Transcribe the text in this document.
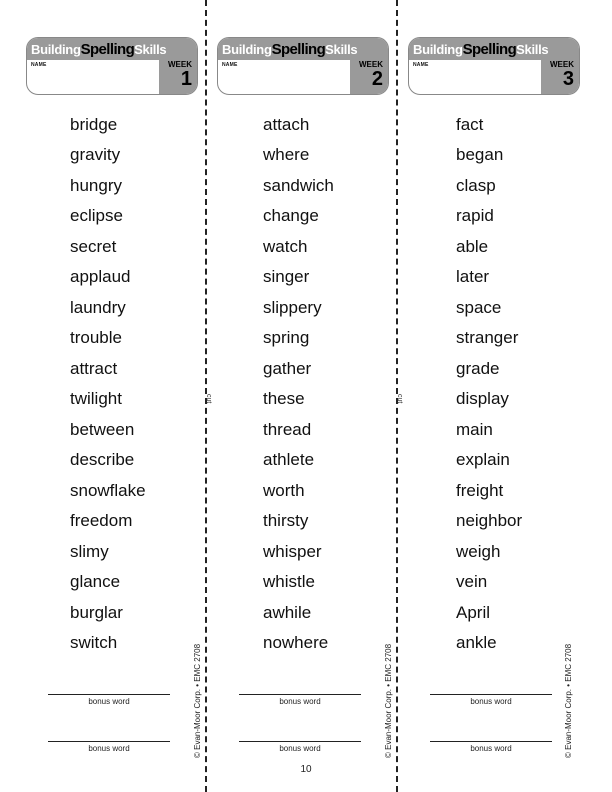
cut	cut
BuildingSpellingSkills
NAME	WEEK
1
bridge
gravity
hungry
eclipse
secret
applaud
laundry
trouble
attract
twilight
between
describe
snowflake
freedom
slimy
glance
burglar
switch
bonus word
bonus word	© Evan-Moor Corp. • EMC 2708
BuildingSpellingSkills
NAME	WEEK
2
attach
where
sandwich
change
watch
singer
slippery
spring
gather
these
thread
athlete
worth
thirsty
whisper
whistle
awhile
nowhere
bonus word
bonus word	© Evan-Moor Corp. • EMC 2708
BuildingSpellingSkills
NAME	WEEK
3
fact
began
clasp
rapid
able
later
space
stranger
grade
display
main
explain
freight
neighbor
weigh
vein
April
ankle
bonus word
bonus word	© Evan-Moor Corp. • EMC 2708
10
